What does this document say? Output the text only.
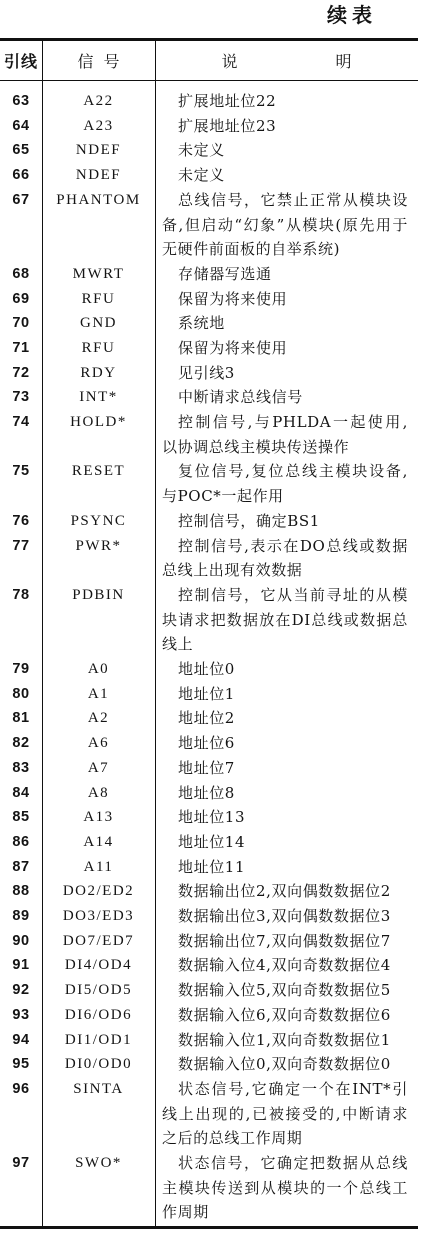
续表
引线	信 号	说 明
63	A22	扩展地址位22
64	A23	扩展地址位23
65	NDEF	未定义
66	NDEF	未定义
67	PHANTOM	总线信号，它禁止正常从模块设
备,但启动“幻象”从模块(原先用于
无硬件前面板的自举系统)
68	MWRT	存储器写选通
69	RFU	保留为将来使用
70	GND	系统地
71	RFU	保留为将来使用
72	RDY	见引线3
73	INT*	中断请求总线信号
74	HOLD*	控制信号,与PHLDA一起使用,
以协调总线主模块传送操作
75	RESET	复位信号,复位总线主模块设备,
与POC*一起作用
76	PSYNC	控制信号，确定BS1
77	PWR*	控制信号,表示在DO总线或数据
总线上出现有效数据
78	PDBIN	控制信号，它从当前寻址的从模
块请求把数据放在DI总线或数据总
线上
79	A0	地址位0
80	A1	地址位1
81	A2	地址位2
82	A6	地址位6
83	A7	地址位7
84	A8	地址位8
85	A13	地址位13
86	A14	地址位14
87	A11	地址位11
88	DO2/ED2	数据输出位2,双向偶数数据位2
89	DO3/ED3	数据输出位3,双向偶数数据位3
90	DO7/ED7	数据输出位7,双向偶数数据位7
91	DI4/OD4	数据输入位4,双向奇数数据位4
92	DI5/OD5	数据输入位5,双向奇数数据位5
93	DI6/OD6	数据输入位6,双向奇数数据位6
94	DI1/OD1	数据输入位1,双向奇数数据位1
95	DI0/OD0	数据输入位0,双向奇数数据位0
96	SINTA	状态信号,它确定一个在INT*引
线上出现的,已被接受的,中断请求
之后的总线工作周期
97	SWO*	状态信号，它确定把数据从总线
主模块传送到从模块的一个总线工
作周期
